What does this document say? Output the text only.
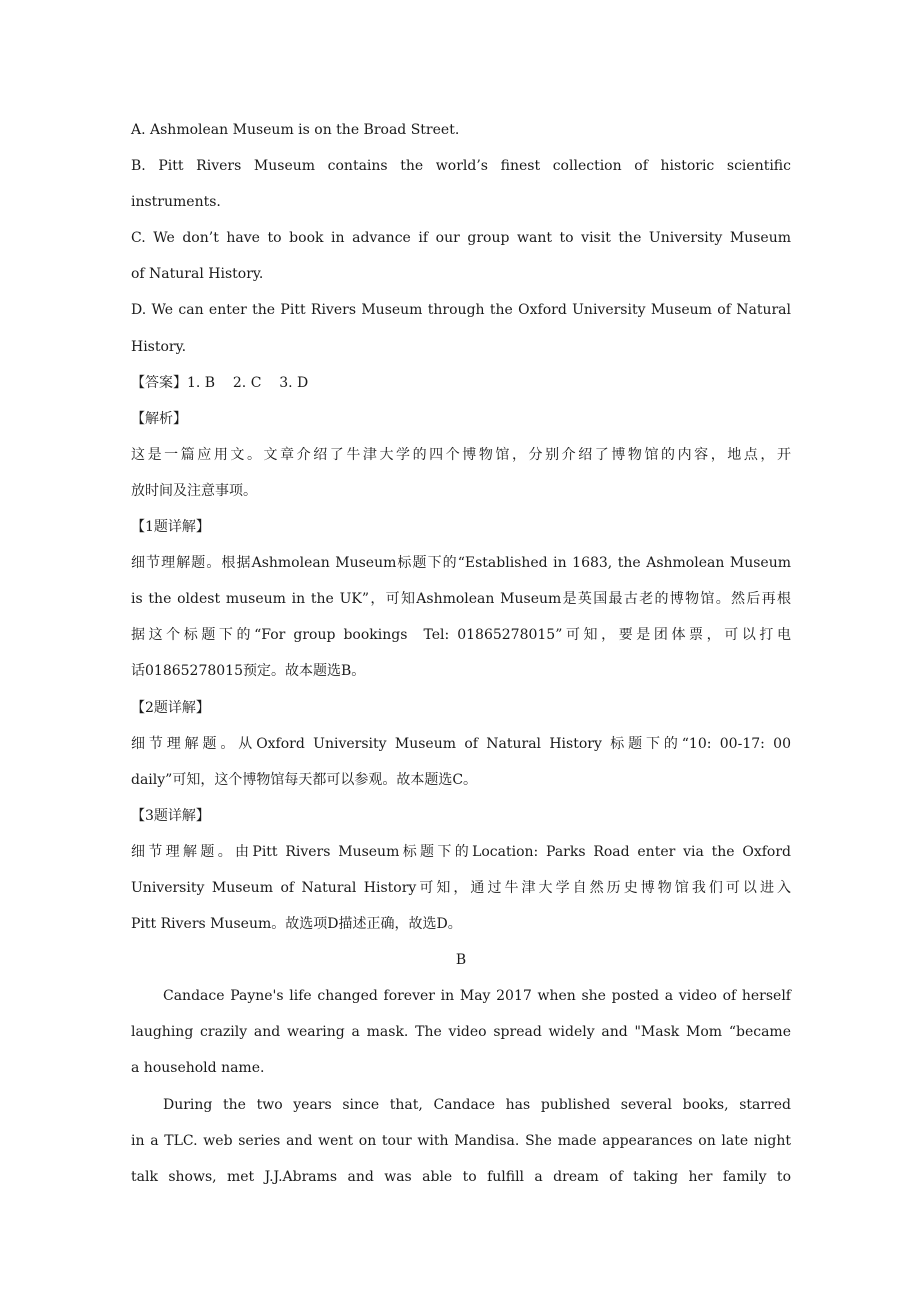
A. Ashmolean Museum is on the Broad Street.

B. Pitt Rivers Museum contains the world’s finest collection of historic scientific

instruments.

C. We don’t have to book in advance if our group want to visit the University Museum

of Natural History.

D. We can enter the Pitt Rivers Museum through the Oxford University Museum of Natural

History.

【答案】1. B    2. C    3. D

【解析】

这是一篇应用文。文章介绍了牛津大学的四个博物馆，分别介绍了博物馆的内容，地点，开

放时间及注意事项。

【1题详解】

细节理解题。根据Ashmolean Museum标题下的“Established in 1683, the Ashmolean Museum

is the oldest museum in the UK”，可知Ashmolean Museum是英国最古老的博物馆。然后再根

据这个标题下的“For group bookings  Tel: 01865278015”可知，要是团体票，可以打电

话01865278015预定。故本题选B。

【2题详解】

细节理解题。从Oxford University Museum of Natural History 标题下的“10: 00-17: 00

daily”可知，这个博物馆每天都可以参观。故本题选C。

【3题详解】

细节理解题。由Pitt Rivers Museum标题下的Location: Parks Road enter via the Oxford

University Museum of Natural History可知，通过牛津大学自然历史博物馆我们可以进入

Pitt Rivers Museum。故选项D描述正确，故选D。

B

Candace Payne's life changed forever in May 2017 when she posted a video of herself

laughing crazily and wearing a mask. The video spread widely and "Mask Mom “became

a household name.

During the two years since that, Candace has published several books, starred

in a TLC. web series and went on tour with Mandisa. She made appearances on late night

talk shows, met J.J.Abrams and was able to fulfill a dream of taking her family to
